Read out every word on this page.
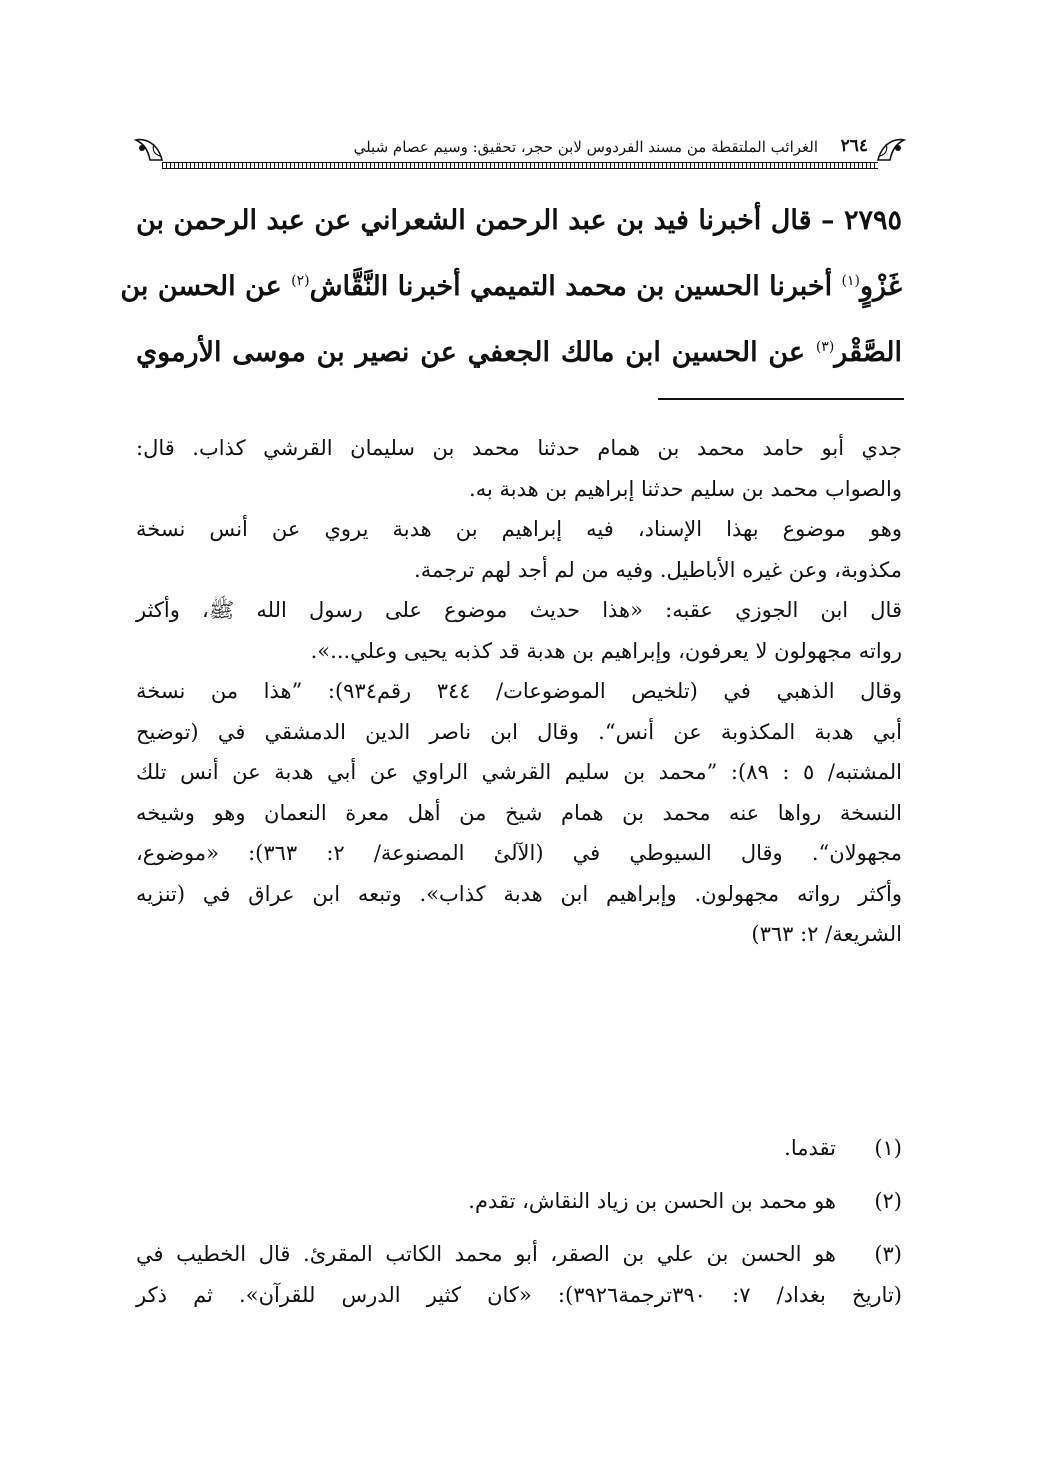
٢٦٤
الغرائب الملتقطة من مسند الفردوس لابن حجر، تحقيق: وسيم عصام شبلي
٢٧٩٥ – قال أخبرنا فيد بن عبد الرحمن الشعراني عن عبد الرحمن بن
غَزْوٍ$^{(١)}$ أخبرنا الحسين بن محمد التميمي أخبرنا النَّقَّاش$^{(٢)}$ عن الحسن بن
الصَّقْر$^{(٣)}$ عن الحسين ابن مالك الجعفي عن نصير بن موسى الأرموي
جدي أبو حامد محمد بن همام حدثنا محمد بن سليمان القرشي كذاب. قال:
والصواب محمد بن سليم حدثنا إبراهيم بن هدبة به.
وهو موضوع بهذا الإسناد، فيه إبراهيم بن هدبة يروي عن أنس نسخة
مكذوبة، وعن غيره الأباطيل. وفيه من لم أجد لهم ترجمة.
قال ابن الجوزي عقبه: «هذا حديث موضوع على رسول الله ﷺ، وأكثر
رواته مجهولون لا يعرفون، وإبراهيم بن هدبة قد كذبه يحيى وعلي...».
وقال الذهبي في (تلخيص الموضوعات/ ٣٤٤ رقم٩٣٤): ”هذا من نسخة
أبي هدبة المكذوبة عن أنس“. وقال ابن ناصر الدين الدمشقي في (توضيح
المشتبه/ ٥ : ٨٩): ”محمد بن سليم القرشي الراوي عن أبي هدبة عن أنس تلك
النسخة رواها عنه محمد بن همام شيخ من أهل معرة النعمان وهو وشيخه
مجهولان“. وقال السيوطي في (الآلئ المصنوعة/ ٢: ٣٦٣): «موضوع،
وأكثر رواته مجهولون. وإبراهيم ابن هدبة كذاب». وتبعه ابن عراق في (تنزيه
الشريعة/ ٢: ٣٦٣)
(١)
تقدما.
(٢)
هو محمد بن الحسن بن زياد النقاش، تقدم.
(٣)
هو الحسن بن علي بن الصقر، أبو محمد الكاتب المقرئ. قال الخطيب في
(تاريخ بغداد/ ٧: ٣٩٠ترجمة٣٩٢٦): «كان كثير الدرس للقرآن». ثم ذكر
